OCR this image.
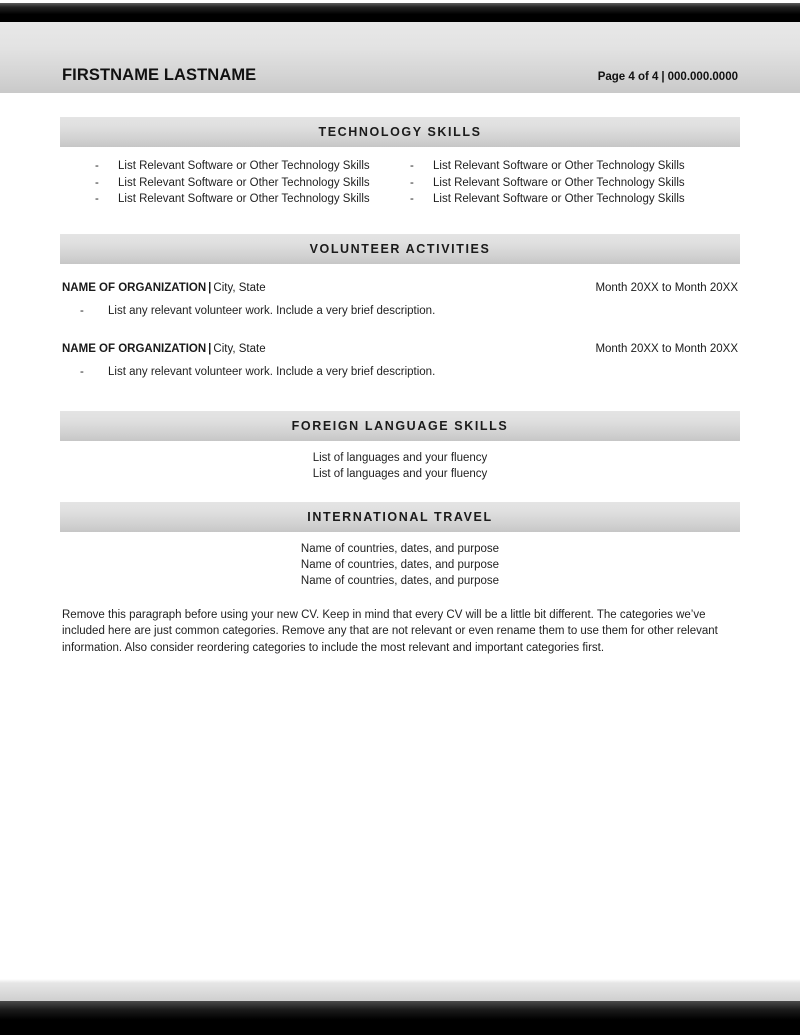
FIRSTNAME LASTNAME	Page 4 of 4 | 000.000.0000
TECHNOLOGY SKILLS
-	List Relevant Software or Other Technology Skills	-	List Relevant Software or Other Technology Skills
-	List Relevant Software or Other Technology Skills	-	List Relevant Software or Other Technology Skills
-	List Relevant Software or Other Technology Skills	-	List Relevant Software or Other Technology Skills
VOLUNTEER ACTIVITIES
NAME OF ORGANIZATION | City, State	Month 20XX to Month 20XX
-	List any relevant volunteer work. Include a very brief description.
NAME OF ORGANIZATION | City, State	Month 20XX to Month 20XX
-	List any relevant volunteer work. Include a very brief description.
FOREIGN LANGUAGE SKILLS
List of languages and your fluency
List of languages and your fluency
INTERNATIONAL TRAVEL
Name of countries, dates, and purpose
Name of countries, dates, and purpose
Name of countries, dates, and purpose
Remove this paragraph before using your new CV. Keep in mind that every CV will be a little bit different. The categories we’ve included here are just common categories. Remove any that are not relevant or even rename them to use them for other relevant information. Also consider reordering categories to include the most relevant and important categories first.
